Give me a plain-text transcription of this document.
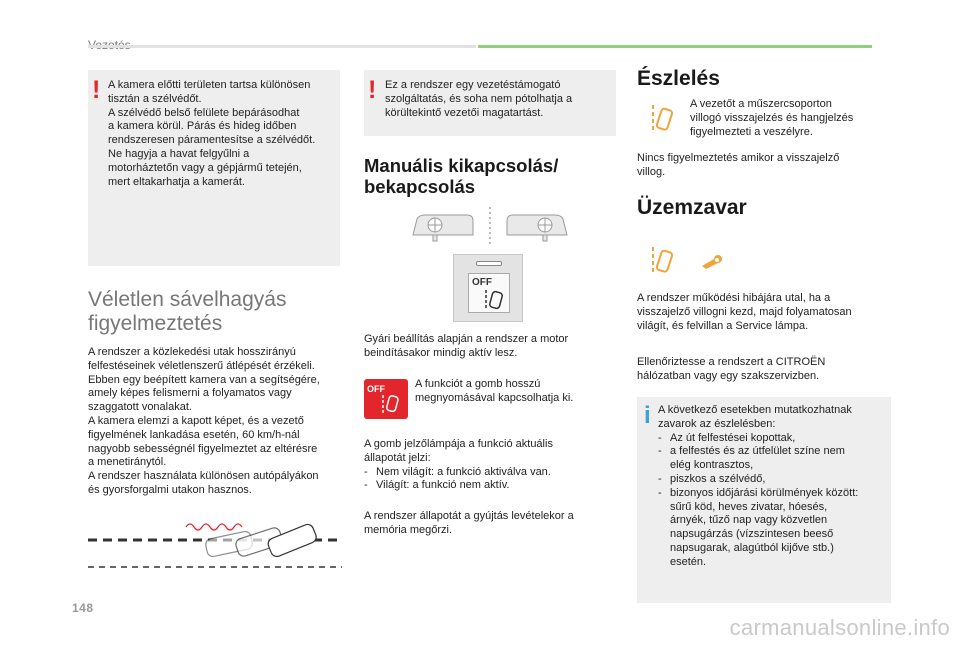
! A kamera előtti területen tartsa különösen

tisztán a szélvédőt.

A szélvédő belső felülete bepárásodhat

a kamera körül. Párás és hideg időben

rendszeresen páramentesítse a szélvédőt.

Ne hagyja a havat felgyűlni a

motorháztetőn vagy a gépjármű tetején,

mert eltakarhatja a kamerát.

Véletlen sávelhagyás
figyelmeztetés

A rendszer a közlekedési utak hosszirányú

felfestéseinek véletlenszerű átlépését érzékeli.

Ebben egy beépített kamera van a segítségére,

amely képes felismerni a folyamatos vagy

szaggatott vonalakat.

A kamera elemzi a kapott képet, és a vezető

figyelmének lankadása esetén, 60 km/h-nál

nagyobb sebességnél figyelmeztet az eltérésre

a menetiránytól.

A rendszer használata különösen autópályákon

és gyorsforgalmi utakon hasznos.

! Ez a rendszer egy vezetéstámogató

szolgáltatás, és soha nem pótolhatja a

körültekintő vezetői magatartást.

Manuális kikapcsolás/
bekapcsolás
OFF

Gyári beállítás alapján a rendszer a motor

beindításakor mindig aktív lesz.

OFF	A funkciót a gomb hosszú

megnyomásával kapcsolhatja ki.

A gomb jelzőlámpája a funkció aktuális

állapotát jelzi:

- Nem világít: a funkció aktiválva van.
- Világít: a funkció nem aktív.

A rendszer állapotát a gyújtás levételekor a

memória megőrzi.

Észlelés

A vezetőt a műszercsoporton

villogó visszajelzés és hangjelzés

figyelmezteti a veszélyre.

Nincs figyelmeztetés amikor a visszajelző

villog.

Üzemzavar

A rendszer működési hibájára utal, ha a

visszajelző villogni kezd, majd folyamatosan

világít, és felvillan a Service lámpa.

Ellenőriztesse a rendszert a CITROËN

hálózatban vagy egy szakszervizben.

i A következő esetekben mutatkozhatnak

zavarok az észlelésben:

- Az út felfestései kopottak,
- a felfestés és az útfelület színe nem
elég kontrasztos,
- piszkos a szélvédő,
- bizonyos időjárási körülmények között:
sűrű köd, heves zivatar, hóesés,
árnyék, tűző nap vagy közvetlen
napsugárzás (vízszintesen beeső
napsugarak, alagútból kijőve stb.)
esetén.
148
carmanualsonline.info
